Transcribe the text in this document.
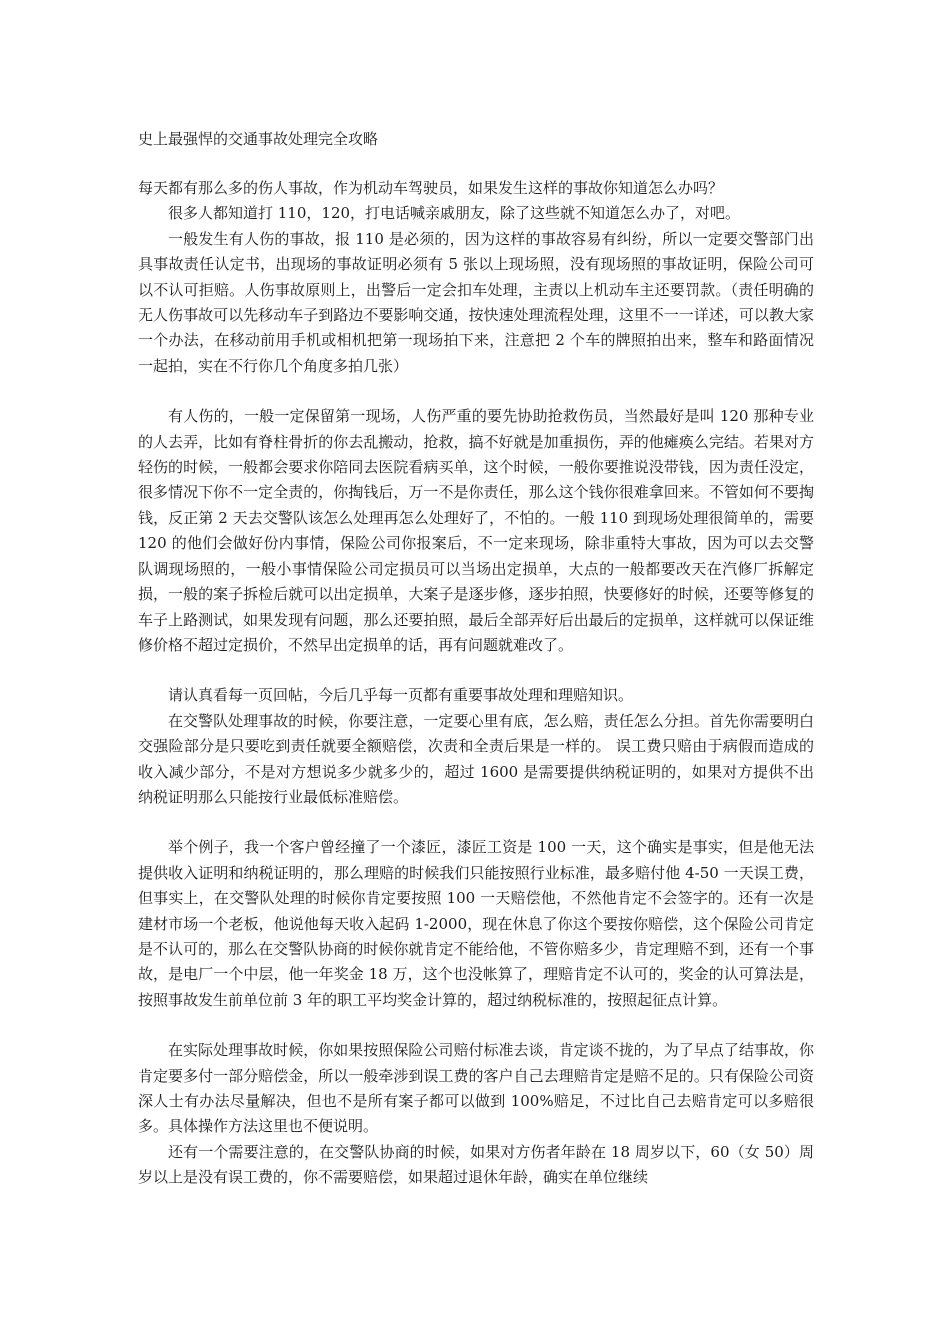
史上最强悍的交通事故处理完全攻略

每天都有那么多的伤人事故，作为机动车驾驶员，如果发生这样的事故你知道怎么办吗？

很多人都知道打 110，120，打电话喊亲戚朋友，除了这些就不知道怎么办了，对吧。

一般发生有人伤的事故，报 110 是必须的，因为这样的事故容易有纠纷，所以一定要交警部门出具事故责任认定书，出现场的事故证明必须有 5 张以上现场照，没有现场照的事故证明，保险公司可以不认可拒赔。人伤事故原则上，出警后一定会扣车处理，主责以上机动车主还要罚款。（责任明确的无人伤事故可以先移动车子到路边不要影响交通，按快速处理流程处理，这里不一一详述，可以教大家一个办法，在移动前用手机或相机把第一现场拍下来，注意把 2 个车的牌照拍出来，整车和路面情况一起拍，实在不行你几个角度多拍几张）

有人伤的，一般一定保留第一现场，人伤严重的要先协助抢救伤员，当然最好是叫 120 那种专业的人去弄，比如有脊柱骨折的你去乱搬动，抢救，搞不好就是加重损伤，弄的他瘫痪么完结。若果对方轻伤的时候，一般都会要求你陪同去医院看病买单，这个时候，一般你要推说没带钱，因为责任没定，很多情况下你不一定全责的，你掏钱后，万一不是你责任，那么这个钱你很难拿回来。不管如何不要掏钱，反正第 2 天去交警队该怎么处理再怎么处理好了，不怕的。一般 110 到现场处理很简单的，需要 120 的他们会做好份内事情，保险公司你报案后，不一定来现场，除非重特大事故，因为可以去交警队调现场照的，一般小事情保险公司定损员可以当场出定损单，大点的一般都要改天在汽修厂拆解定损，一般的案子拆检后就可以出定损单，大案子是逐步修，逐步拍照，快要修好的时候，还要等修复的车子上路测试，如果发现有问题，那么还要拍照，最后全部弄好后出最后的定损单，这样就可以保证维修价格不超过定损价，不然早出定损单的话，再有问题就难改了。

请认真看每一页回帖，今后几乎每一页都有重要事故处理和理赔知识。

在交警队处理事故的时候，你要注意，一定要心里有底，怎么赔，责任怎么分担。首先你需要明白交强险部分是只要吃到责任就要全额赔偿，次责和全责后果是一样的。 误工费只赔由于病假而造成的收入减少部分，不是对方想说多少就多少的，超过 1600 是需要提供纳税证明的，如果对方提供不出纳税证明那么只能按行业最低标准赔偿。

举个例子，我一个客户曾经撞了一个漆匠，漆匠工资是 100 一天，这个确实是事实，但是他无法提供收入证明和纳税证明的，那么理赔的时候我们只能按照行业标准，最多赔付他 4-50 一天误工费，但事实上，在交警队处理的时候你肯定要按照 100 一天赔偿他，不然他肯定不会签字的。还有一次是建材市场一个老板，他说他每天收入起码 1-2000，现在休息了你这个要按你赔偿，这个保险公司肯定是不认可的，那么在交警队协商的时候你就肯定不能给他，不管你赔多少，肯定理赔不到，还有一个事故，是电厂一个中层，他一年奖金 18 万，这个也没帐算了，理赔肯定不认可的，奖金的认可算法是，按照事故发生前单位前 3 年的职工平均奖金计算的，超过纳税标准的，按照起征点计算。

在实际处理事故时候，你如果按照保险公司赔付标准去谈，肯定谈不拢的，为了早点了结事故，你肯定要多付一部分赔偿金，所以一般牵涉到误工费的客户自己去理赔肯定是赔不足的。只有保险公司资深人士有办法尽量解决，但也不是所有案子都可以做到 100%赔足，不过比自己去赔肯定可以多赔很多。具体操作方法这里也不便说明。

还有一个需要注意的，在交警队协商的时候，如果对方伤者年龄在 18 周岁以下，60（女 50）周岁以上是没有误工费的，你不需要赔偿，如果超过退休年龄，确实在单位继续
